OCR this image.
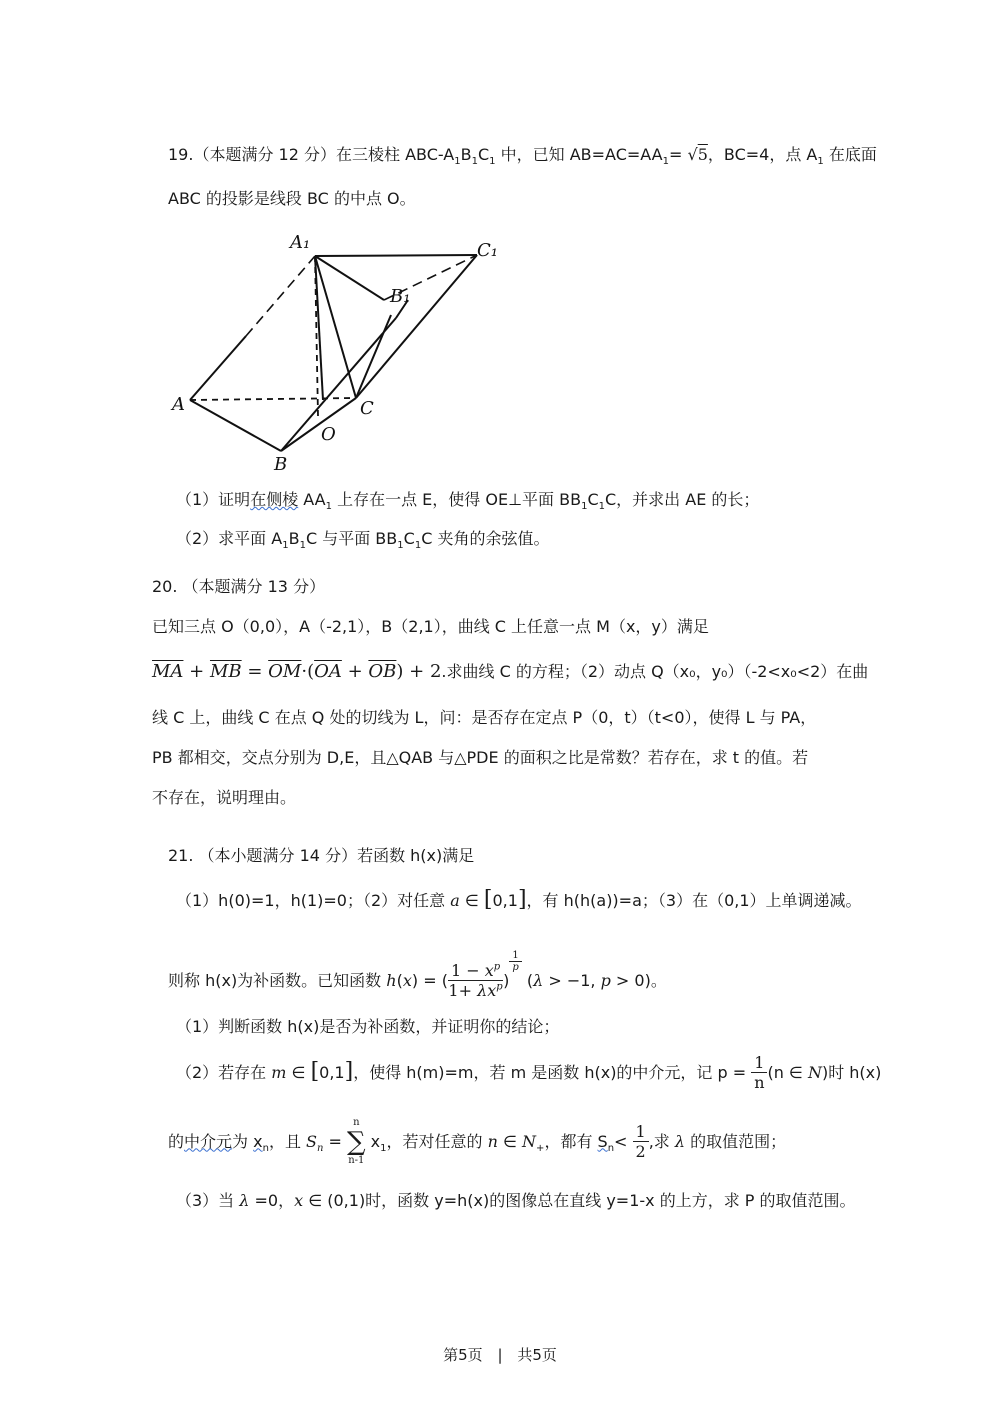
19.（本题满分 12 分）在三棱柱 ABC-$A_1B_1C_1$ 中，已知 $AB=AC=AA_1= √5$，BC=4，点 $A_1$ 在底面
ABC 的投影是线段 BC 的中点 O。
A₁	C₁
B₁
A	C
O
B
（1）证明在侧棱 $AA_1$ 上存在一点 E，使得 OE⊥平面 $BB_1C_1C$，并求出 AE 的长；
（2）求平面 $A_1B_1C$ 与平面 $BB_1C_1C$ 夹角的余弦值。
20. （本题满分 13 分）
已知三点 O（0,0），A（-2,1），B（2,1），曲线 C 上任意一点 M（x，y）满足
$\overline{MA} + \overline{MB} = \overline{OM}\cdot(\overline{OA} + \overline{OB}) + 2$.求曲线 C 的方程；（2）动点 Q（x₀，y₀）（-2<x₀<2）在曲
线 C 上，曲线 C 在点 Q 处的切线为 L，问：是否存在定点 P（0，t）（t<0），使得 L 与 PA，
PB 都相交，交点分别为 D,E，且△QAB 与△PDE 的面积之比是常数？若存在，求 t 的值。若
不存在，说明理由。
21. （本小题满分 14 分）若函数 h(x)满足
（1）h(0)=1，h(1)=0；（2）对任意 a ∈ [0,1]，有 h(h(a))=a；（3）在（0,1）上单调递减。
则称 h(x)为补函数。已知函数 h(x) = ( $\frac{1 - x^p}{1+ \lambda x^p}$ )
$^{\frac{1}{p}}$
(λ > −1, p > 0)。
（1）判断函数 h(x)是否为补函数，并证明你的结论；
（2）若存在 m ∈ [0,1]，使得 h(m)=m，若 m 是函数 h(x)的中介元，记 $p = \frac{1}{n} (n$ ∈ N)时 h(x)
的中介元为 $x_n$，且 $S_n$ =
n
∑
n-1
$x_1$，若对任意的 n ∈ $N_+$，都有 $S_n< \frac{1}{2}$ ,求 λ 的取值范围；
（3）当 λ =0，x ∈ (0,1)时，函数 y=h(x)的图像总在直线 y=1-x 的上方，求 P 的取值范围。
第5页 | 共5页
